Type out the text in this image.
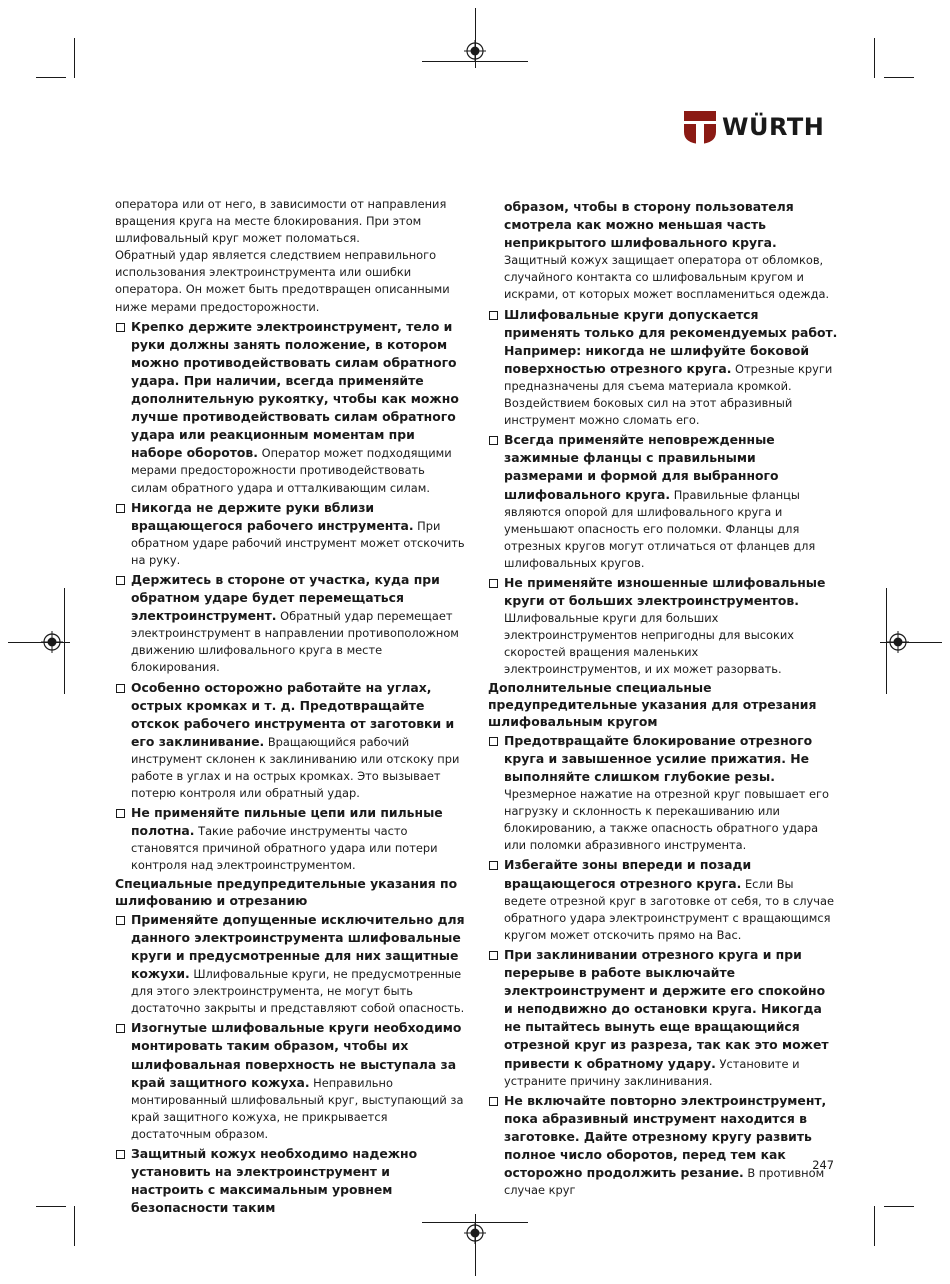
WÜRTH

оператора или от него, в зависимости от направления вращения круга на месте блокирования. При этом шлифовальный круг может поломаться.

Обратный удар является следствием неправильного использования электроинструмента или ошибки оператора. Он может быть предотвращен описанными ниже мерами предосторожности.

Крепко держите электроинструмент, тело и руки должны занять положение, в котором можно противодействовать силам обратного удара. При наличии, всегда применяйте дополнительную рукоятку, чтобы как можно лучше противодействовать силам обратного удара или реакционным моментам при наборе оборотов. Оператор может подходящими мерами предосторожности противодействовать силам обратного удара и отталкивающим силам.
Никогда не держите руки вблизи вращающегося рабочего инструмента. При обратном ударе рабочий инструмент может отскочить на руку.
Держитесь в стороне от участка, куда при обратном ударе будет перемещаться электроинструмент. Обратный удар перемещает электроинструмент в направлении противоположном движению шлифовального круга в месте блокирования.
Особенно осторожно работайте на углах, острых кромках и т. д. Предотвращайте отскок рабочего инструмента от заготовки и его заклинивание. Вращающийся рабочий инструмент склонен к заклиниванию или отскоку при работе в углах и на острых кромках. Это вызывает потерю контроля или обратный удар.
Не применяйте пильные цепи или пильные полотна. Такие рабочие инструменты часто становятся причиной обратного удара или потери контроля над электроинструментом.

Специальные предупредительные указания по шлифованию и отрезанию

Применяйте допущенные исключительно для данного электроинструмента шлифовальные круги и предусмотренные для них защитные кожухи. Шлифовальные круги, не предусмотренные для этого электроинструмента, не могут быть достаточно закрыты и представляют собой опасность.
Изогнутые шлифовальные круги необходимо монтировать таким образом, чтобы их шлифовальная поверхность не выступала за край защитного кожуха. Неправильно монтированный шлифовальный круг, выступающий за край защитного кожуха, не прикрывается достаточным образом.
Защитный кожух необходимо надежно установить на электроинструмент и настроить с максимальным уровнем безопасности таким
образом, чтобы в сторону пользователя смотрела как можно меньшая часть неприкрытого шлифовального круга. Защитный кожух защищает оператора от обломков, случайного контакта со шлифовальным кругом и искрами, от которых может воспламениться одежда.
Шлифовальные круги допускается применять только для рекомендуемых работ. Например: никогда не шлифуйте боковой поверхностью отрезного круга. Отрезные круги предназначены для съема материала кромкой. Воздействием боковых сил на этот абразивный инструмент можно сломать его.
Всегда применяйте неповрежденные зажимные фланцы с правильными размерами и формой для выбранного шлифовального круга. Правильные фланцы являются опорой для шлифовального круга и уменьшают опасность его поломки. Фланцы для отрезных кругов могут отличаться от фланцев для шлифовальных кругов.
Не применяйте изношенные шлифовальные круги от больших электроинструментов. Шлифовальные круги для больших электроинструментов непригодны для высоких скоростей вращения маленьких электроинструментов, и их может разорвать.

Дополнительные специальные предупредительные указания для отрезания шлифовальным кругом

Предотвращайте блокирование отрезного круга и завышенное усилие прижатия. Не выполняйте слишком глубокие резы. Чрезмерное нажатие на отрезной круг повышает его нагрузку и склонность к перекашиванию или блокированию, а также опасность обратного удара или поломки абразивного инструмента.
Избегайте зоны впереди и позади вращающегося отрезного круга. Если Вы ведете отрезной круг в заготовке от себя, то в случае обратного удара электроинструмент с вращающимся кругом может отскочить прямо на Вас.
При заклинивании отрезного круга и при перерыве в работе выключайте электроинструмент и держите его спокойно и неподвижно до остановки круга. Никогда не пытайтесь вынуть еще вращающийся отрезной круг из разреза, так как это может привести к обратному удару. Установите и устраните причину заклинивания.
Не включайте повторно электроинструмент, пока абразивный инструмент находится в заготовке. Дайте отрезному кругу развить полное число оборотов, перед тем как осторожно продолжить резание. В противном случае круг
247
